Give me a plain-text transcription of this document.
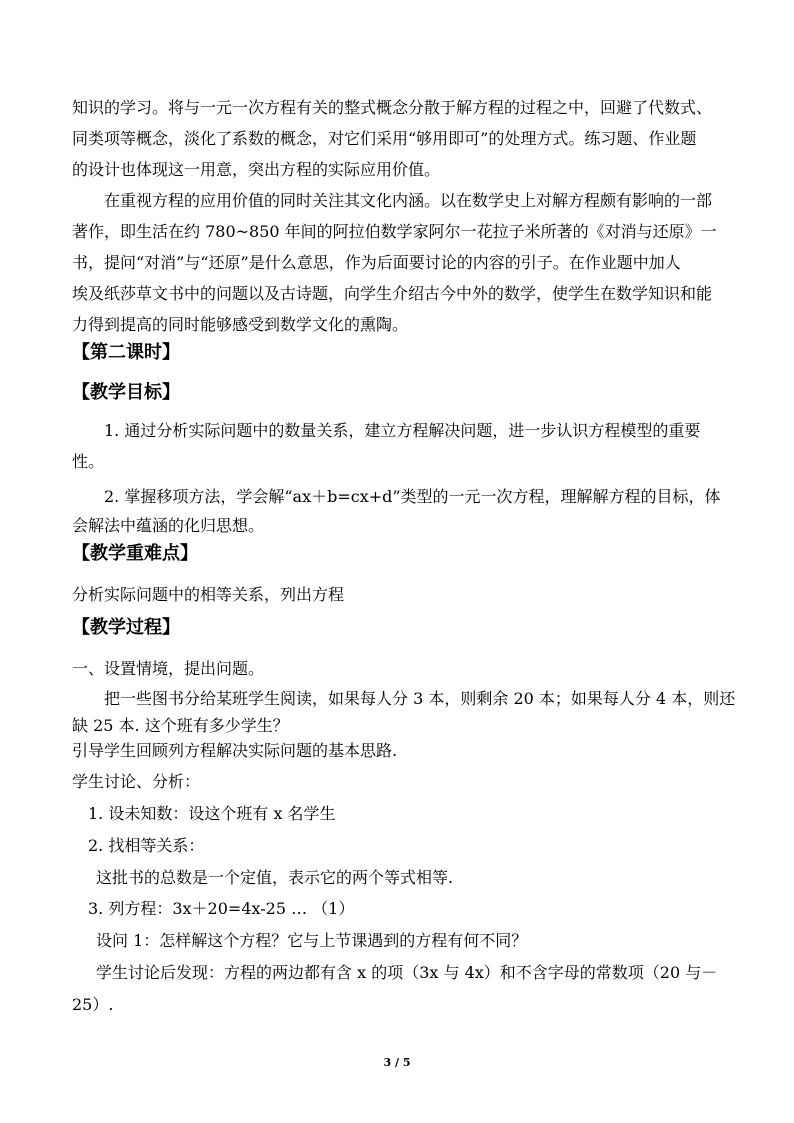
知识的学习。将与一元一次方程有关的整式概念分散于解方程的过程之中，回避了代数式、
同类项等概念，淡化了系数的概念，对它们采用“够用即可”的处理方式。练习题、作业题
的设计也体现这一用意，突出方程的实际应用价值。
在重视方程的应用价值的同时关注其文化内涵。以在数学史上对解方程颇有影响的一部
著作，即生活在约 780~850 年间的阿拉伯数学家阿尔一花拉子米所著的《对消与还原》一
书，提问“对消”与“还原”是什么意思，作为后面要讨论的内容的引子。在作业题中加人
埃及纸莎草文书中的问题以及古诗题，向学生介绍古今中外的数学，使学生在数学知识和能
力得到提高的同时能够感受到数学文化的熏陶。
【第二课时】
【教学目标】
1. 通过分析实际问题中的数量关系，建立方程解决问题，进一步认识方程模型的重要
性。
2. 掌握移项方法，学会解“ax＋b=cx+d”类型的一元一次方程，理解解方程的目标，体
会解法中蕴涵的化归思想。
【教学重难点】
分析实际问题中的相等关系，列出方程
【教学过程】
一、设置情境，提出问题。
把一些图书分给某班学生阅读，如果每人分 3 本，则剩余 20 本；如果每人分 4 本，则还
缺 25 本. 这个班有多少学生？
引导学生回顾列方程解决实际问题的基本思路.
学生讨论、分析：
1. 设未知数：设这个班有 x 名学生
2. 找相等关系：
这批书的总数是一个定值，表示它的两个等式相等.
3. 列方程：3x＋20=4x-25 … （1）
设问 1：怎样解这个方程？它与上节课遇到的方程有何不同？
学生讨论后发现：方程的两边都有含 x 的项（3x 与 4x）和不含字母的常数项（20 与－
25）.
3 / 5
